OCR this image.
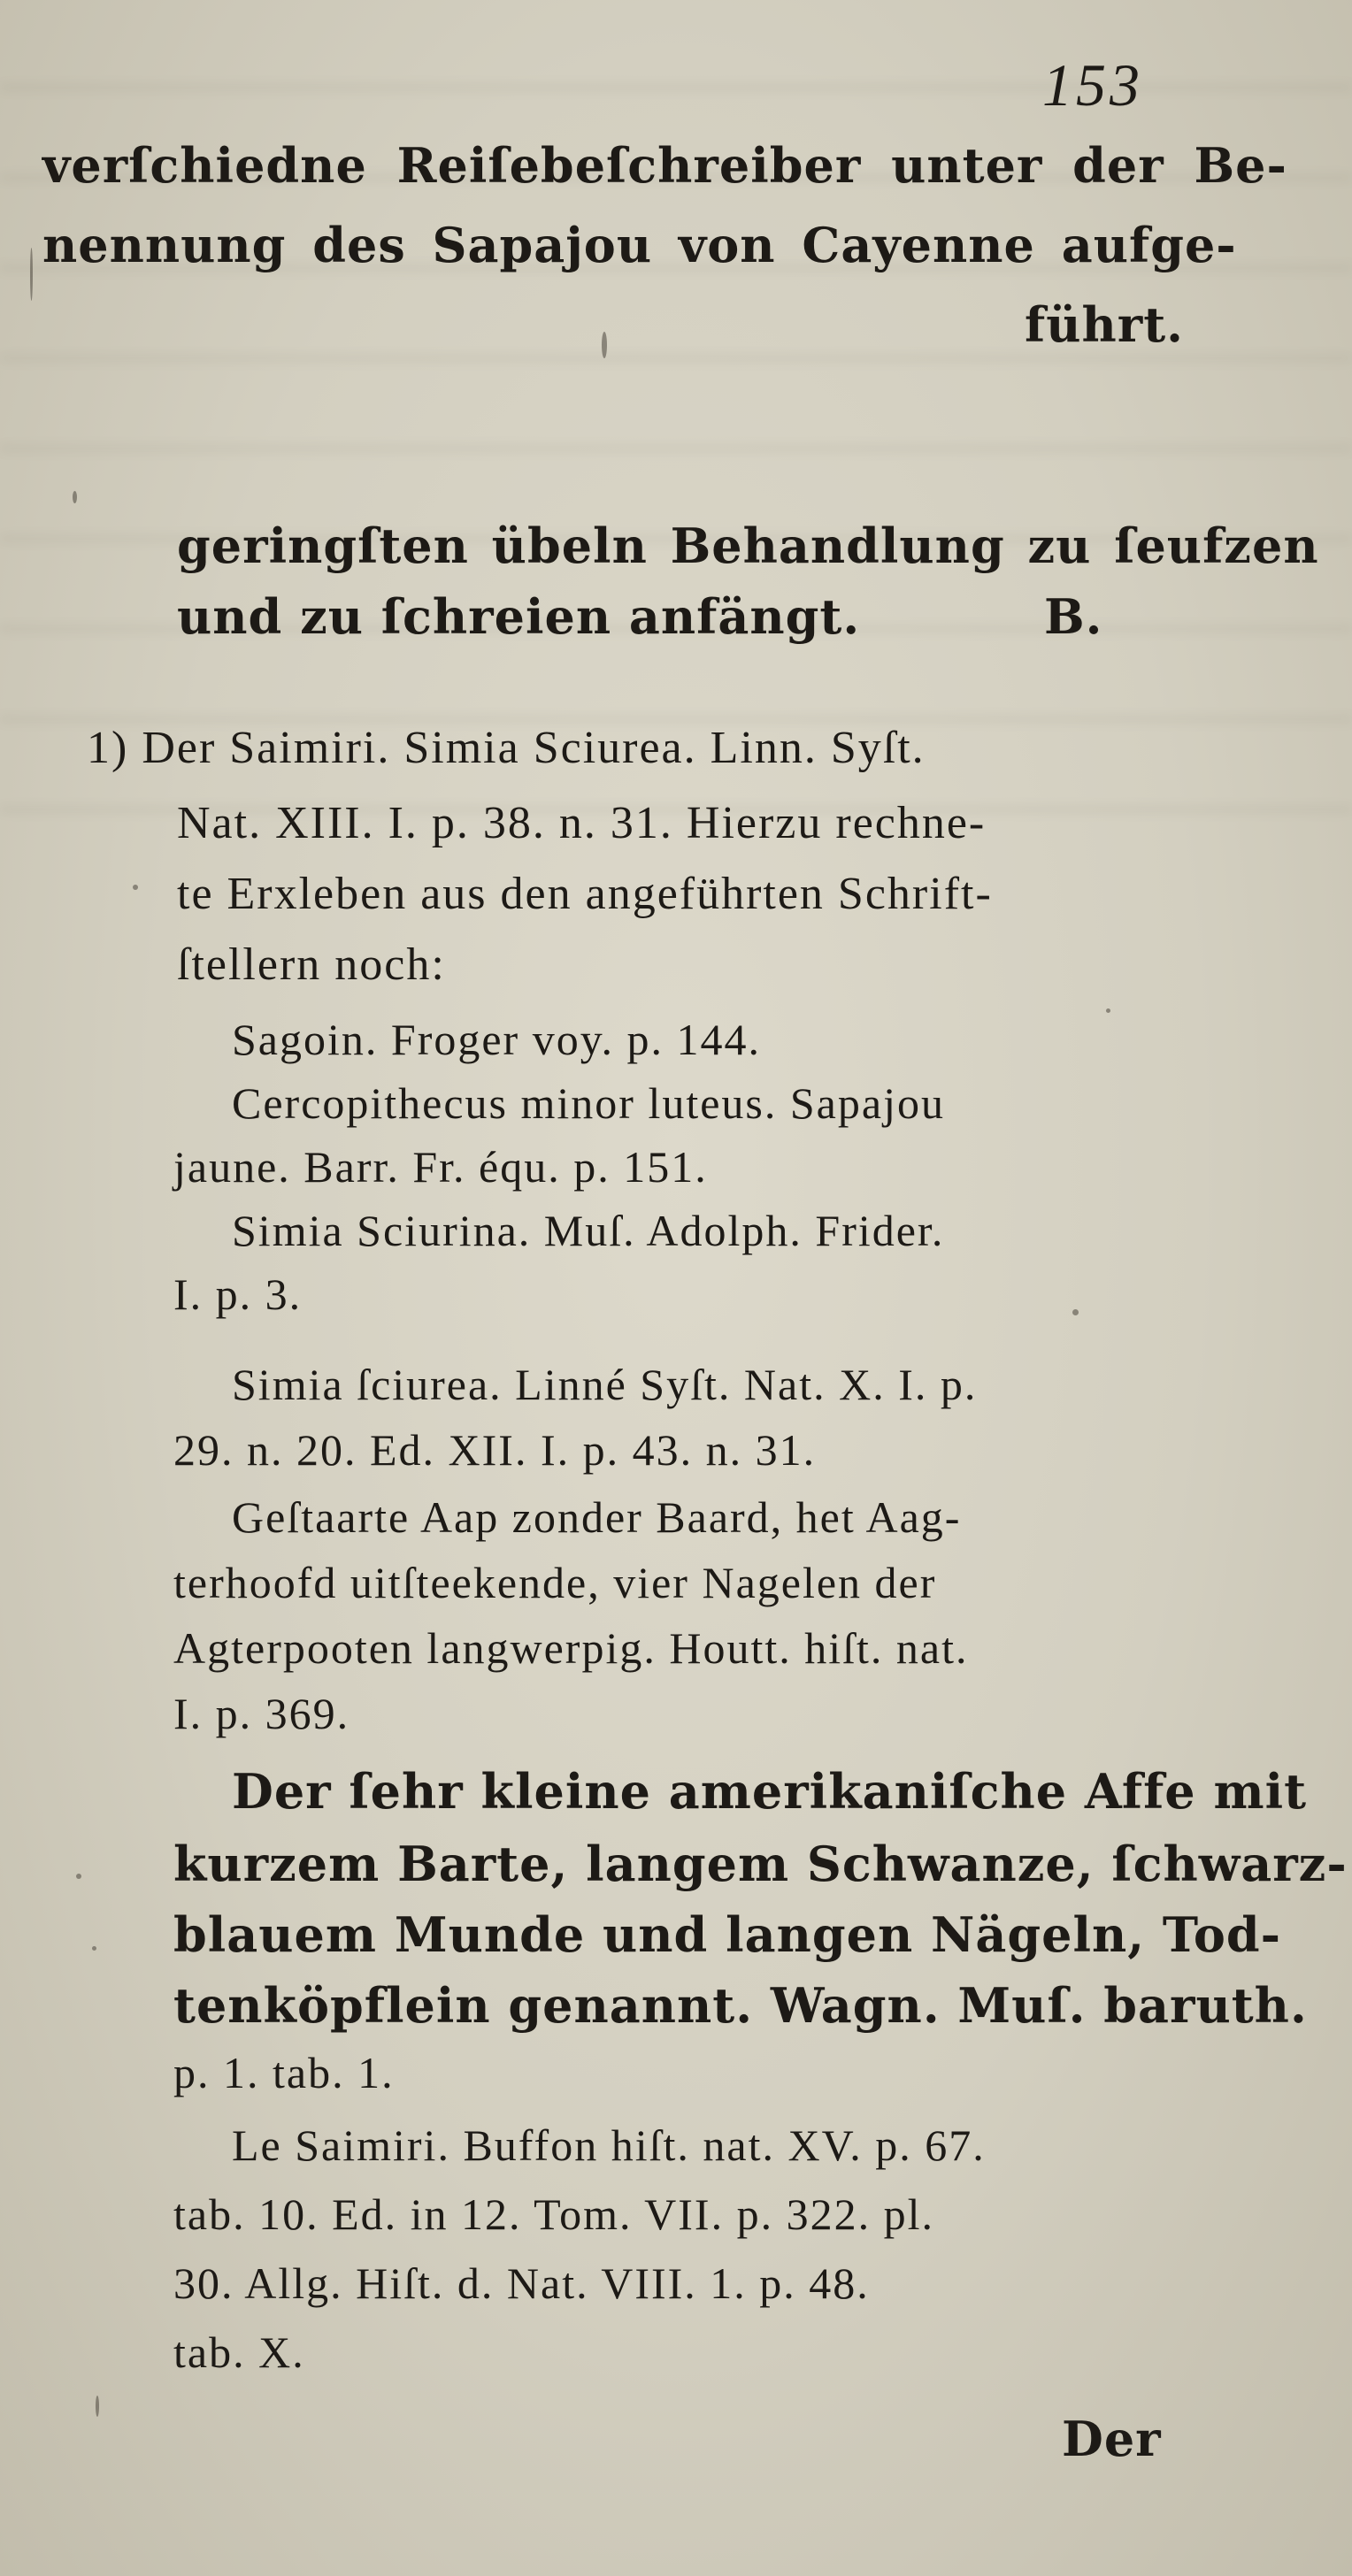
153
verſchiedne Reiſebeſchreiber unter der Be-
nennung des Sapajou von Cayenne aufge-
führt.
geringſten übeln Behandlung zu ſeufzen
und zu ſchreien anfängt.	B.
1) Der Saimiri. Simia Sciurea. Linn. Syſt.
Nat. XIII. I. p. 38. n. 31. Hierzu rechne-
te Erxleben aus den angeführten Schrift-
ſtellern noch:
Sagoin. Froger voy. p. 144.
Cercopithecus minor luteus. Sapajou
jaune. Barr. Fr. équ. p. 151.
Simia Sciurina. Muſ. Adolph. Frider.
I. p. 3.
Simia ſciurea. Linné Syſt. Nat. X. I. p.
29. n. 20. Ed. XII. I. p. 43. n. 31.
Geſtaarte Aap zonder Baard, het Aag-
terhoofd uitſteekende, vier Nagelen der
Agterpooten langwerpig. Houtt. hiſt. nat.
I. p. 369.
Der ſehr kleine amerikaniſche Affe mit
kurzem Barte, langem Schwanze, ſchwarz-
blauem Munde und langen Nägeln, Tod-
tenköpflein genannt. Wagn. Muſ. baruth.
p. 1. tab. 1.
Le Saimiri. Buffon hiſt. nat. XV. p. 67.
tab. 10. Ed. in 12. Tom. VII. p. 322. pl.
30. Allg. Hiſt. d. Nat. VIII. 1. p. 48.
tab. X.
Der
